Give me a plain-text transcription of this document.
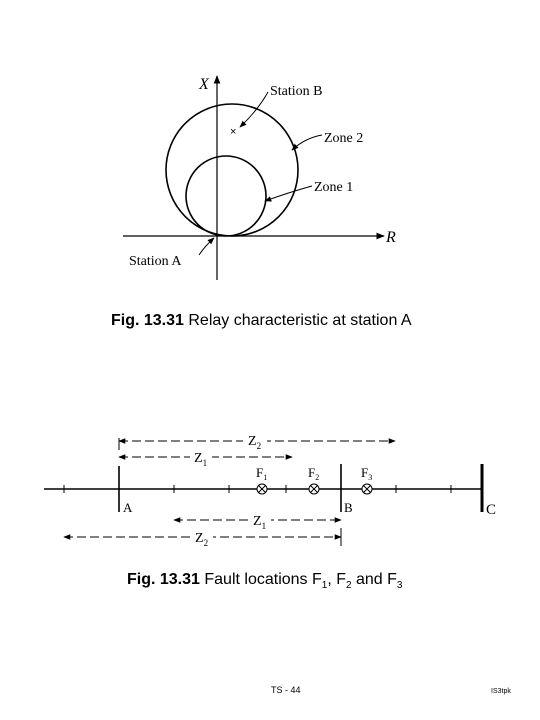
×
X
R
Station B
Zone 2
Zone 1
Station A
Fig. 13.31 Relay characteristic at station A
$Z_2$
$Z_1$
$Z_1$
$Z_2$
$F_1$	$F_2$	$F_3$
A	B	C
Fig. 13.31 Fault locations $F_1$, $F_2$ and $F_3$
TS - 44	IS3tpk
